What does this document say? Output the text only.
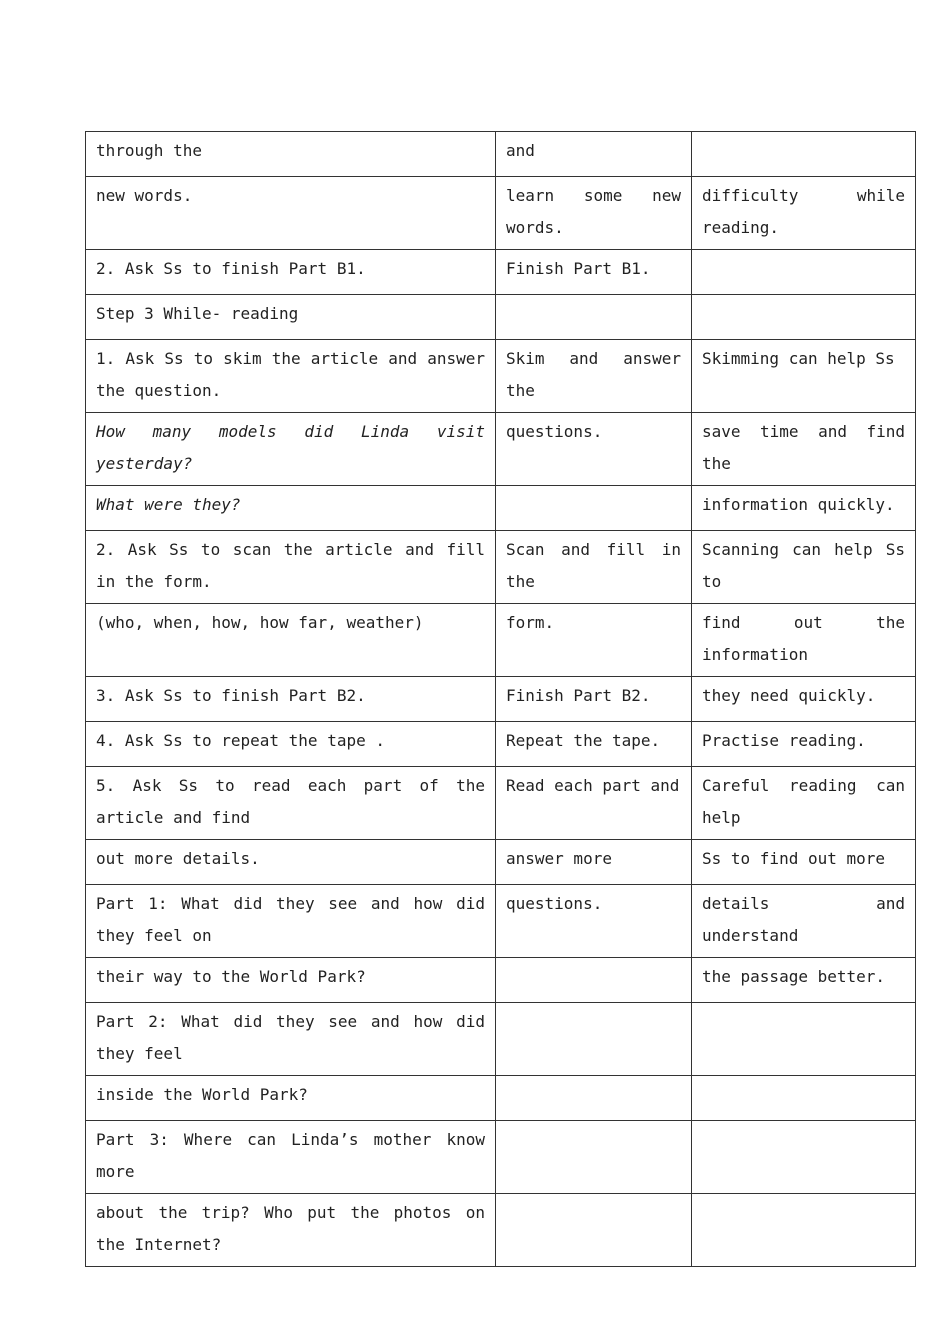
through the	and	
new words.	learn some new words.	difficulty while reading.
2. Ask Ss to finish Part B1.	Finish Part B1.	
Step 3 While- reading		
1. Ask Ss to skim the article and answer the question.	Skim and answer the	Skimming can help Ss
How many models did Linda visit yesterday?	questions.	save time and find the
What were they?		information quickly.
2. Ask Ss to scan the article and fill in the form.	Scan and fill in the	Scanning can help Ss to
(who, when, how, how far, weather)	form.	find out the information
3. Ask Ss to finish Part B2.	Finish Part B2.	they need quickly.
4. Ask Ss to repeat the tape .	Repeat the tape.	Practise reading.
5. Ask Ss to read each part of the article and find	Read each part and	Careful reading can help
out more details.	answer more	Ss to find out more
Part 1: What did they see and how did they feel on	questions.	details and understand
their way to the World Park?		the passage better.
Part 2: What did they see and how did they feel		
inside the World Park?		
Part 3: Where can Linda’s mother know more		
about the trip? Who put the photos on the Internet?		
